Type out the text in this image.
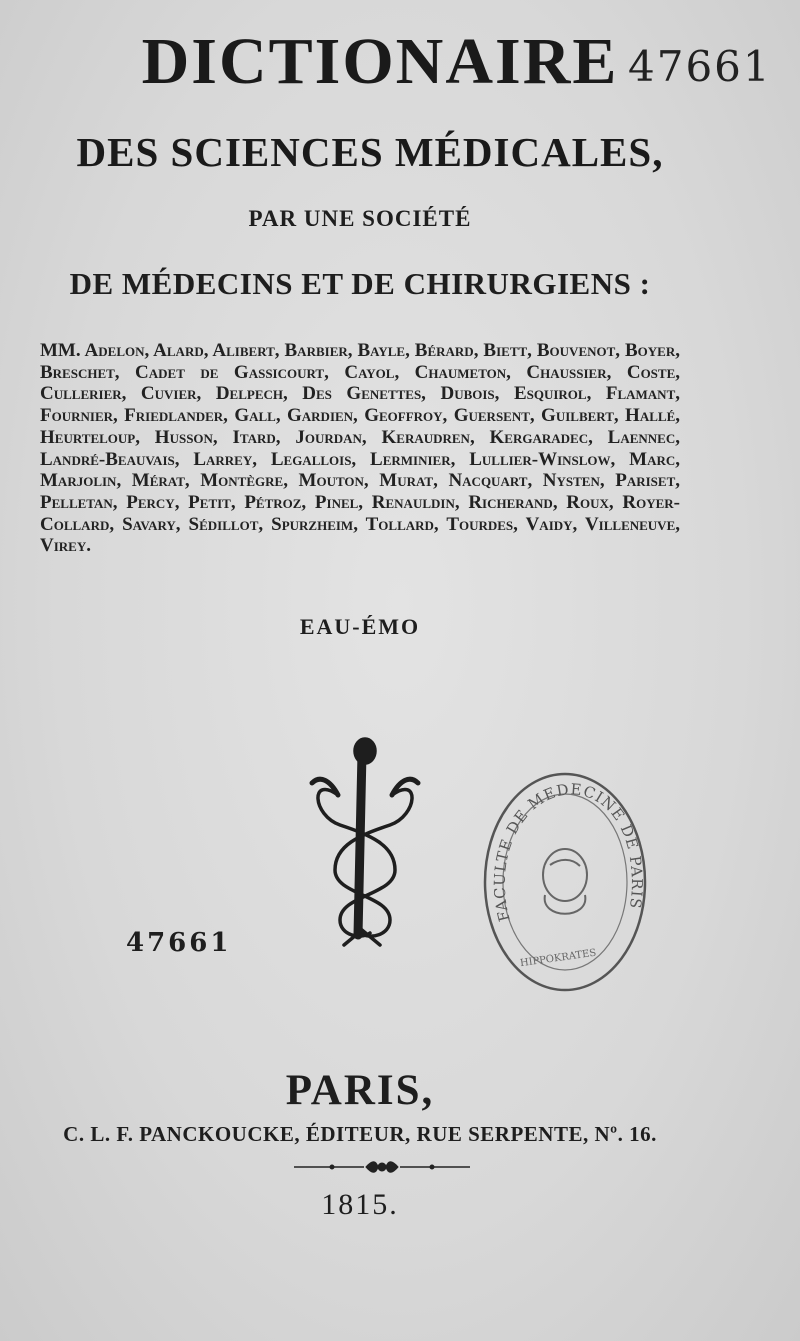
47661
DICTIONAIRE
DES SCIENCES MÉDICALES,
PAR UNE SOCIÉTÉ
DE MÉDECINS ET DE CHIRURGIENS :
MM. Adelon, Alard, Alibert, Barbier, Bayle, Bérard, Biett, Bouvenot, Boyer, Breschet, Cadet de Gassicourt, Cayol, Chaumeton, Chaussier, Coste, Cullerier, Cuvier, Delpech, Des Genettes, Dubois, Esquirol, Flamant, Fournier, Friedlander, Gall, Gardien, Geoffroy, Guersent, Guilbert, Hallé, Heurteloup, Husson, Itard, Jourdan, Keraudren, Kergaradec, Laennec, Landré-Beauvais, Larrey, Legallois, Lerminier, Lullier-Winslow, Marc, Marjolin, Mérat, Montègre, Mouton, Murat, Nacquart, Nysten, Pariset, Pelletan, Percy, Petit, Pétroz, Pinel, Renauldin, Richerand, Roux, Royer-Collard, Savary, Sédillot, Spurzheim, Tollard, Tourdes, Vaidy, Villeneuve, Virey.
EAU-ÉMO
FACULTE DE MEDECINE DE PARIS
HIPPOKRATES
47661
PARIS,
C. L. F. PANCKOUCKE, ÉDITEUR, RUE SERPENTE, Nº. 16.
1815.
